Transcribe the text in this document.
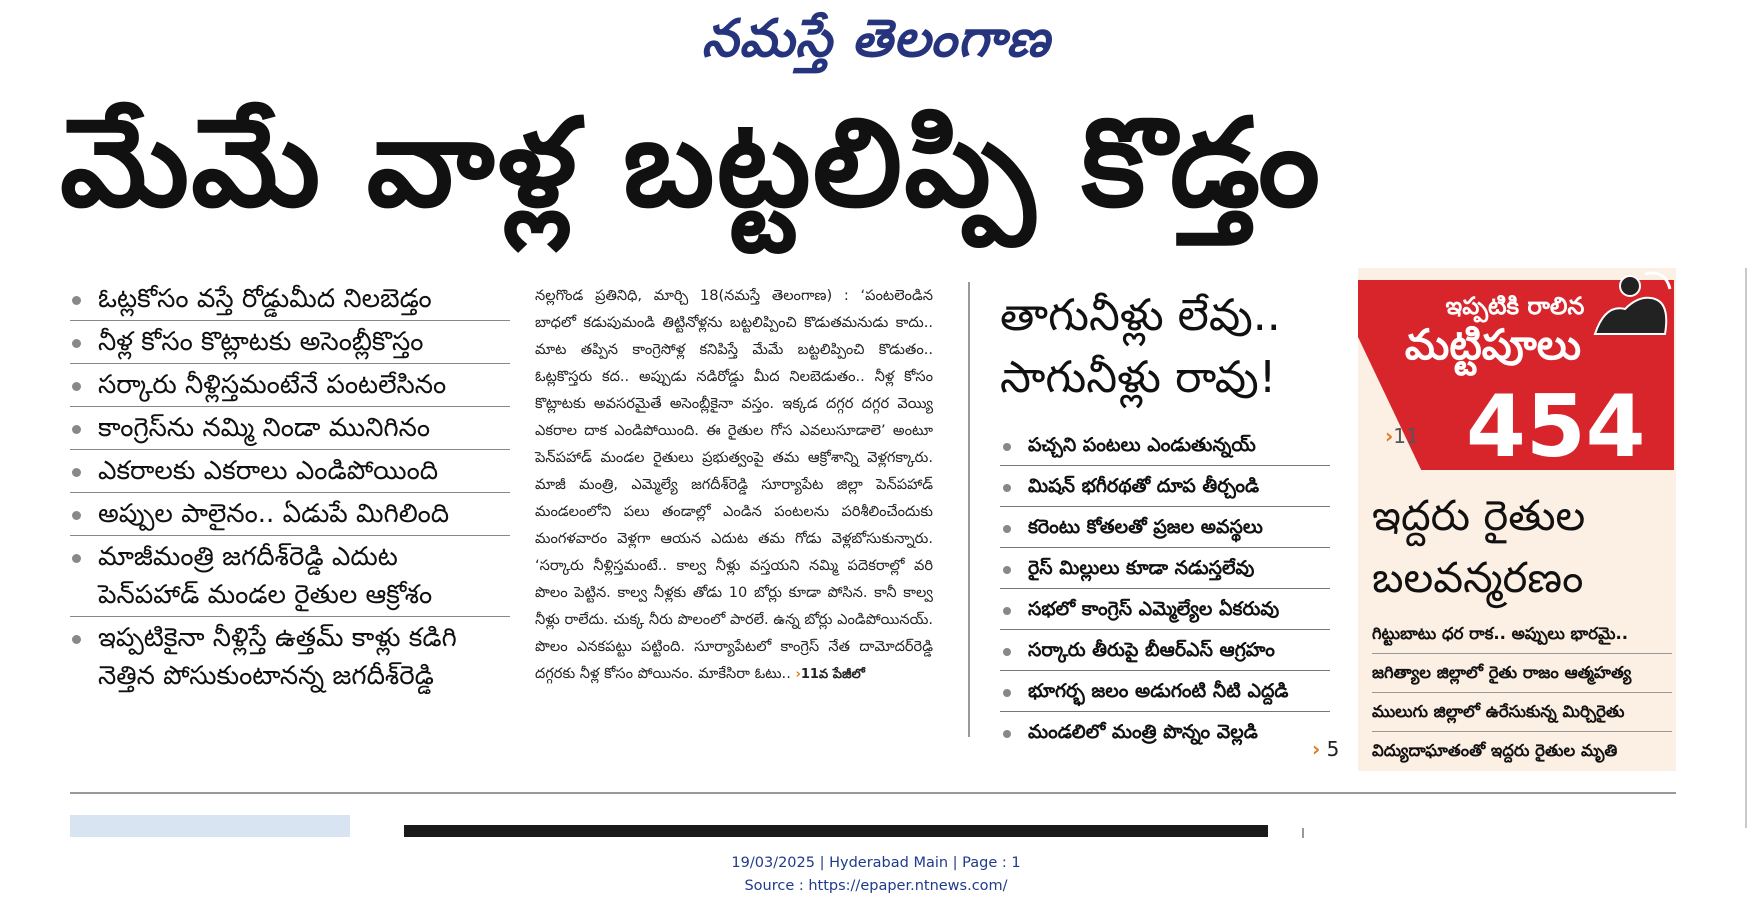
నమస్తే తెలంగాణ
మేమే వాళ్ల బట్టలిప్పి కొడ్తం
ఓట్లకోసం వస్తే రోడ్డుమీద నిలబెడ్తం
నీళ్ల కోసం కొట్లాటకు అసెంబ్లీకొస్తం
సర్కారు నీళ్లిస్తమంటేనే పంటలేసినం
కాంగ్రెస్‌ను నమ్మి నిండా మునిగినం
ఎకరాలకు ఎకరాలు ఎండిపోయింది
అప్పుల పాలైనం.. ఏడుపే మిగిలింది
మాజీమంత్రి జగదీశ్‌రెడ్డి ఎదుట
పెన్‌పహాడ్ మండల రైతుల ఆక్రోశం
ఇప్పటికైనా నీళ్లిస్తే ఉత్తమ్ కాళ్లు కడిగి
నెత్తిన పోసుకుంటానన్న జగదీశ్‌రెడ్డి
నల్లగొండ ప్రతినిధి, మార్చి 18(నమస్తే తెలంగాణ) : ‘పంటలెండిన బాధలో కడుపుమండి తిట్టినోళ్లను బట్టలిప్పించి కొడుతమనుడు కాదు.. మాట తప్పిన కాంగ్రెసోళ్ల కనిపిస్తే మేమే బట్టలిప్పించి కొడుతం.. ఓట్లకొస్తరు కద.. అప్పుడు నడిరోడ్డు మీద నిలబెడుతం.. నీళ్ల కోసం కొట్లాటకు అవసరమైతే అసెంబ్లీకైనా వస్తం. ఇక్కడ దగ్గర దగ్గర వెయ్యి ఎకరాల దాక ఎండిపోయింది. ఈ రైతుల గోస ఎవలుసూడాలె’ అంటూ పెన్‌పహాడ్ మండల రైతులు ప్రభుత్వంపై తమ ఆక్రోశాన్ని వెళ్లగక్కారు. మాజీ మంత్రి, ఎమ్మెల్యే జగదీశ్‌రెడ్డి సూర్యాపేట జిల్లా పెన్‌పహాడ్ మండలంలోని పలు తండాల్లో ఎండిన పంటలను పరిశీలించేందుకు మంగళవారం వెళ్లగా ఆయన ఎదుట తమ గోడు వెళ్లబోసుకున్నారు. ‘సర్కారు నీళ్లిస్తమంటే.. కాల్వ నీళ్లు వస్తయని నమ్మి పదెకరాల్లో వరి పొలం పెట్టిన. కాల్వ నీళ్లకు తోడు 10 బోర్లు కూడా పోసిన. కానీ కాల్వ నీళ్లు రాలేదు. చుక్క నీరు పొలంలో పారలే. ఉన్న బోర్లు ఎండిపోయినయ్. పొలం ఎనకపట్టు పట్టింది. సూర్యాపేటలో కాంగ్రెస్ నేత దామోదర్‌రెడ్డి దగ్గరకు నీళ్ల కోసం పోయినం. మాకేసిరా ఓటు.. ›11వ పేజీలో
తాగునీళ్లు లేవు..
సాగునీళ్లు రావు!
పచ్చని పంటలు ఎండుతున్నయ్
మిషన్ భగీరథతో దూప తీర్చండి
కరెంటు కోతలతో ప్రజల అవస్థలు
రైస్ మిల్లులు కూడా నడుస్తలేవు
సభలో కాంగ్రెస్ ఎమ్మెల్యేల ఏకరువు
సర్కారు తీరుపై బీఆర్‌ఎస్ ఆగ్రహం
భూగర్భ జలం అడుగంటి నీటి ఎద్దడి
మండలిలో మంత్రి పొన్నం వెల్లడి
› 5
ఇప్పటికి రాలిన
మట్టిపూలు
454
›11
ఇద్దరు రైతుల
బలవన్మరణం
గిట్టుబాటు ధర రాక.. అప్పులు భారమై..
జగిత్యాల జిల్లాలో రైతు రాజం ఆత్మహత్య
ములుగు జిల్లాలో ఉరేసుకున్న మిర్చిరైతు
విద్యుదాఘాతంతో ఇద్దరు రైతుల మృతి
19/03/2025 | Hyderabad Main | Page : 1
Source : https://epaper.ntnews.com/
